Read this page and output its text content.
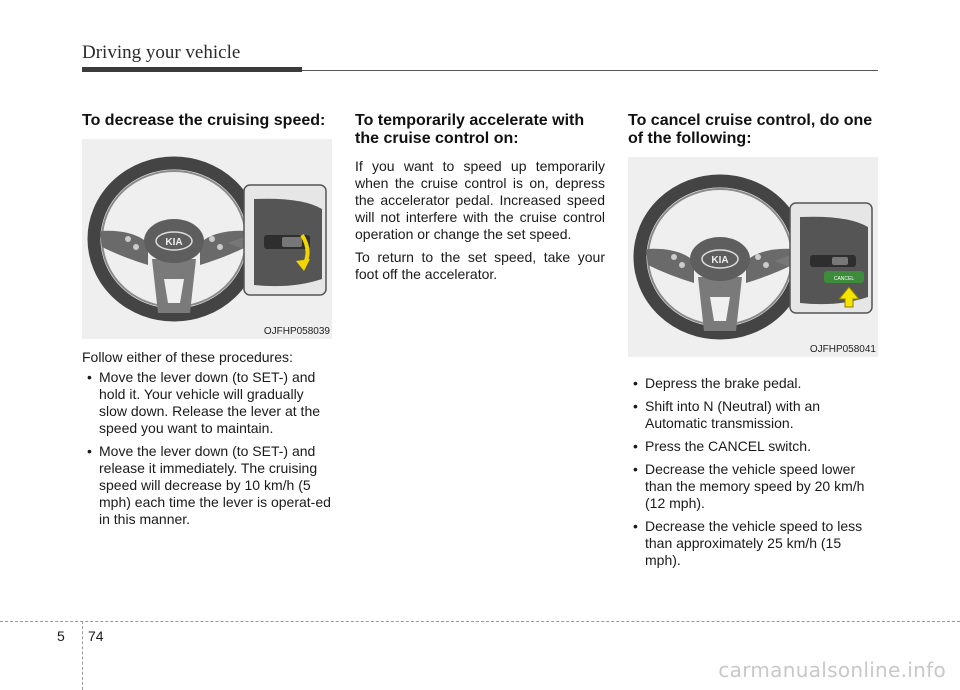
Driving your vehicle
To decrease the cruising speed:
KIA
OJFHP058039

Follow either of these procedures:

• Move the lever down (to SET-) and hold it. Your vehicle will gradually slow down. Release the lever at the speed you want to maintain.
• Move the lever down (to SET-) and release it immediately. The cruising speed will decrease by 10 km/h (5 mph) each time the lever is operat-ed in this manner.
To temporarily accelerate with the cruise control on:

If you want to speed up temporarily when the cruise control is on, depress the accelerator pedal. Increased speed will not interfere with the cruise control operation or change the set speed.

To return to the set speed, take your foot off the accelerator.

To cancel cruise control, do one of the following:
KIA
CANCEL
OJFHP058041
• Depress the brake pedal.
• Shift into N (Neutral) with an Automatic transmission.
• Press the CANCEL switch.
• Decrease the vehicle speed lower than the memory speed by 20 km/h (12 mph).
• Decrease the vehicle speed to less than approximately 25 km/h (15 mph).
5 74
carmanualsonline.info
